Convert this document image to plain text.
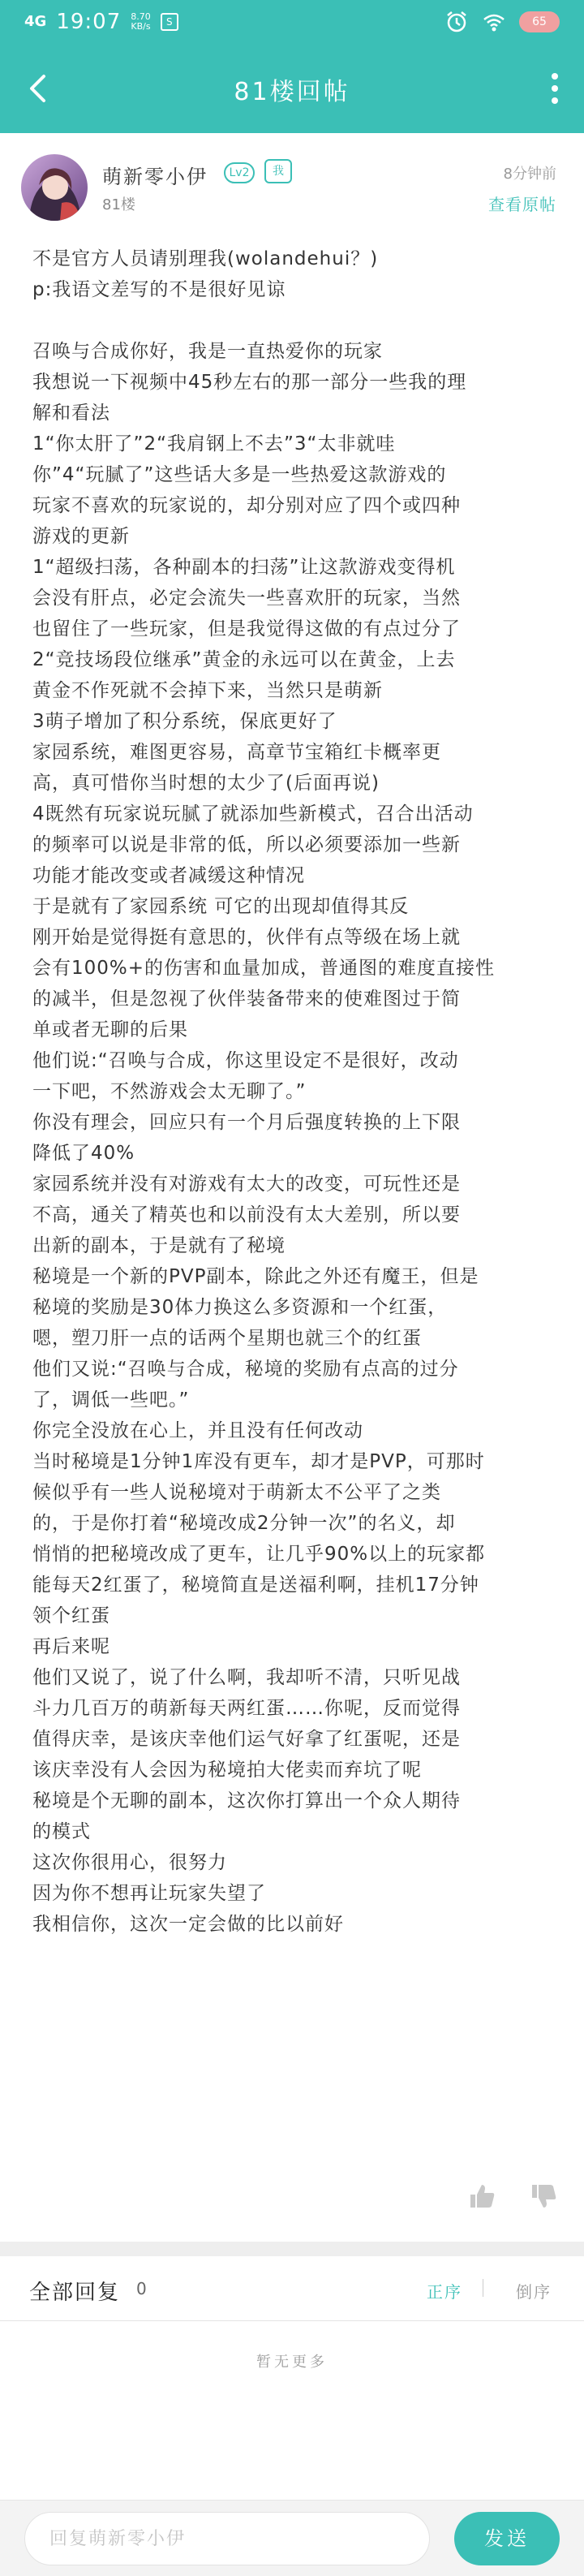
4G 19:07 8.70
KB/s	S	65
81楼回帖
萌新零小伊	Lv2	我
81楼
8分钟前
查看原帖
不是官方人员请别理我(wolandehui？)
p:我语文差写的不是很好见谅
召唤与合成你好，我是一直热爱你的玩家
我想说一下视频中45秒左右的那一部分一些我的理
解和看法
1“你太肝了”2“我肩钢上不去”3“太非就哇
你”4“玩腻了”这些话大多是一些热爱这款游戏的
玩家不喜欢的玩家说的，却分别对应了四个或四种
游戏的更新
1“超级扫荡，各种副本的扫荡”让这款游戏变得机
会没有肝点，必定会流失一些喜欢肝的玩家，当然
也留住了一些玩家，但是我觉得这做的有点过分了
2“竞技场段位继承”黄金的永远可以在黄金，上去
黄金不作死就不会掉下来，当然只是萌新
3萌子增加了积分系统，保底更好了
家园系统，难图更容易，高章节宝箱红卡概率更
高，真可惜你当时想的太少了(后面再说)
4既然有玩家说玩腻了就添加些新模式，召合出活动
的频率可以说是非常的低，所以必须要添加一些新
功能才能改变或者减缓这种情况
于是就有了家园系统 可它的出现却值得其反
刚开始是觉得挺有意思的，伙伴有点等级在场上就
会有100%+的伤害和血量加成，普通图的难度直接性
的减半，但是忽视了伙伴装备带来的使难图过于简
单或者无聊的后果
他们说:“召唤与合成，你这里设定不是很好，改动
一下吧，不然游戏会太无聊了。”
你没有理会，回应只有一个月后强度转换的上下限
降低了40%
家园系统并没有对游戏有太大的改变，可玩性还是
不高，通关了精英也和以前没有太大差别，所以要
出新的副本，于是就有了秘境
秘境是一个新的PVP副本，除此之外还有魔王，但是
秘境的奖励是30体力换这么多资源和一个红蛋，
嗯，塑刀肝一点的话两个星期也就三个的红蛋
他们又说:“召唤与合成，秘境的奖励有点高的过分
了，调低一些吧。”
你完全没放在心上，并且没有任何改动
当时秘境是1分钟1库没有更车，却才是PVP，可那时
候似乎有一些人说秘境对于萌新太不公平了之类
的，于是你打着“秘境改成2分钟一次”的名义，却
悄悄的把秘境改成了更车，让几乎90%以上的玩家都
能每天2红蛋了，秘境简直是送福利啊，挂机17分钟
领个红蛋
再后来呢
他们又说了，说了什么啊，我却听不清，只听见战
斗力几百万的萌新每天两红蛋……你呢，反而觉得
值得庆幸，是该庆幸他们运气好拿了红蛋呢，还是
该庆幸没有人会因为秘境拍大佬卖而弃坑了呢
秘境是个无聊的副本，这次你打算出一个众人期待
的模式
这次你很用心，很努力
因为你不想再让玩家失望了
我相信你，这次一定会做的比以前好
全部回复 0	正序	倒序
暂无更多
回复萌新零小伊
发送
